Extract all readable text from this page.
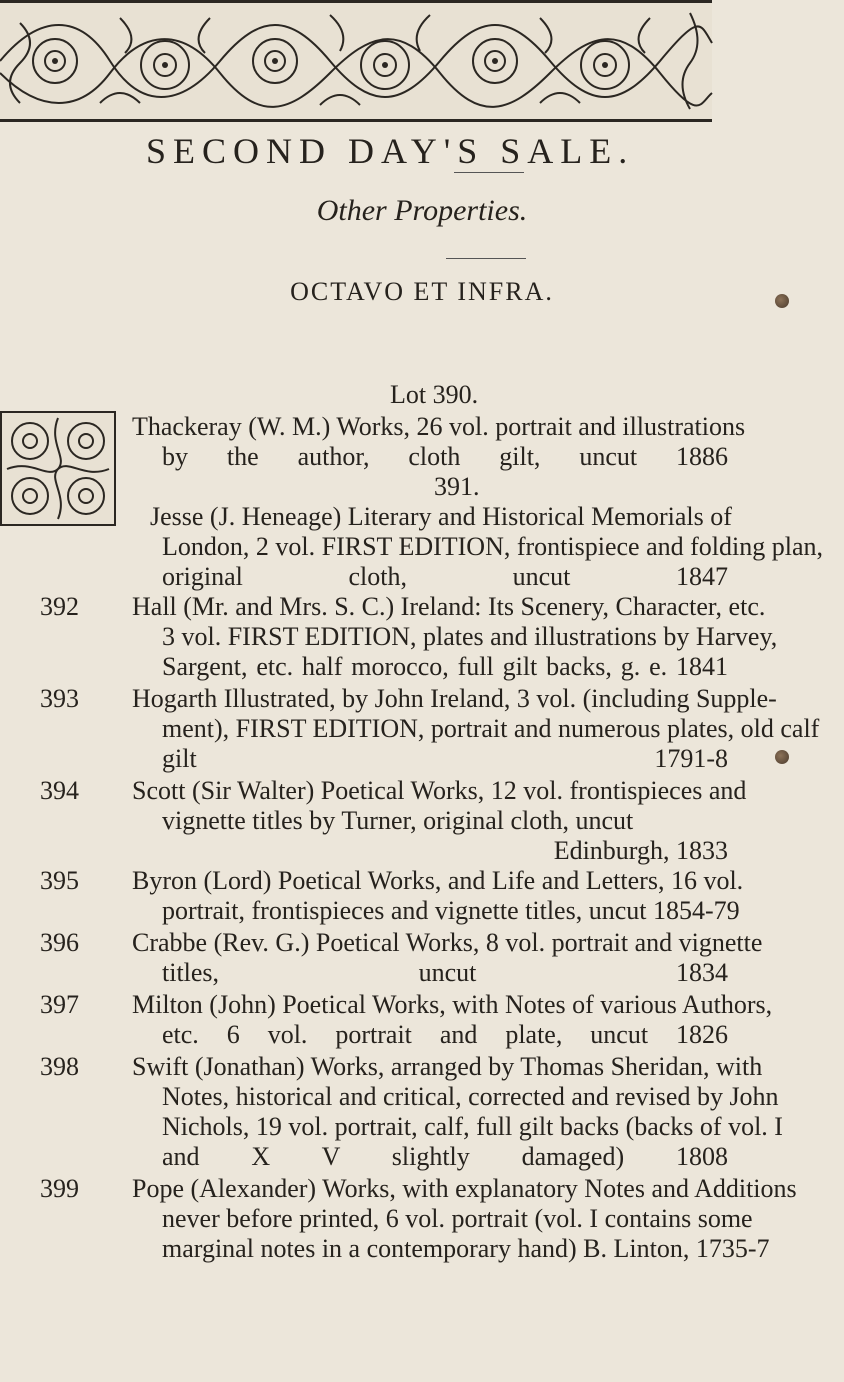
SECOND DAY'S SALE.
Other Properties.
OCTAVO ET INFRA.
Lot 390.
Thackeray (W. M.) Works, 26 vol. portrait and illustrations
by the author, cloth gilt, uncut 1886
391.
Jesse (J. Heneage) Literary and Historical Memorials of
London, 2 vol. FIRST EDITION, frontispiece and folding plan,
original cloth, uncut 1847
392 Hall (Mr. and Mrs. S. C.) Ireland: Its Scenery, Character, etc.
3 vol. FIRST EDITION, plates and illustrations by Harvey,
Sargent, etc. half morocco, full gilt backs, g. e. 1841
393 Hogarth Illustrated, by John Ireland, 3 vol. (including Supple-
ment), FIRST EDITION, portrait and numerous plates, old calf
gilt 1791-8
394 Scott (Sir Walter) Poetical Works, 12 vol. frontispieces and
vignette titles by Turner, original cloth, uncut
Edinburgh, 1833
395 Byron (Lord) Poetical Works, and Life and Letters, 16 vol.
portrait, frontispieces and vignette titles, uncut 1854-79
396 Crabbe (Rev. G.) Poetical Works, 8 vol. portrait and vignette
titles, uncut 1834
397 Milton (John) Poetical Works, with Notes of various Authors,
etc. 6 vol. portrait and plate, uncut 1826
398 Swift (Jonathan) Works, arranged by Thomas Sheridan, with
Notes, historical and critical, corrected and revised by John
Nichols, 19 vol. portrait, calf, full gilt backs (backs of vol. I
and X V slightly damaged) 1808
399 Pope (Alexander) Works, with explanatory Notes and Additions
never before printed, 6 vol. portrait (vol. I contains some
marginal notes in a contemporary hand) B. Linton, 1735-7
